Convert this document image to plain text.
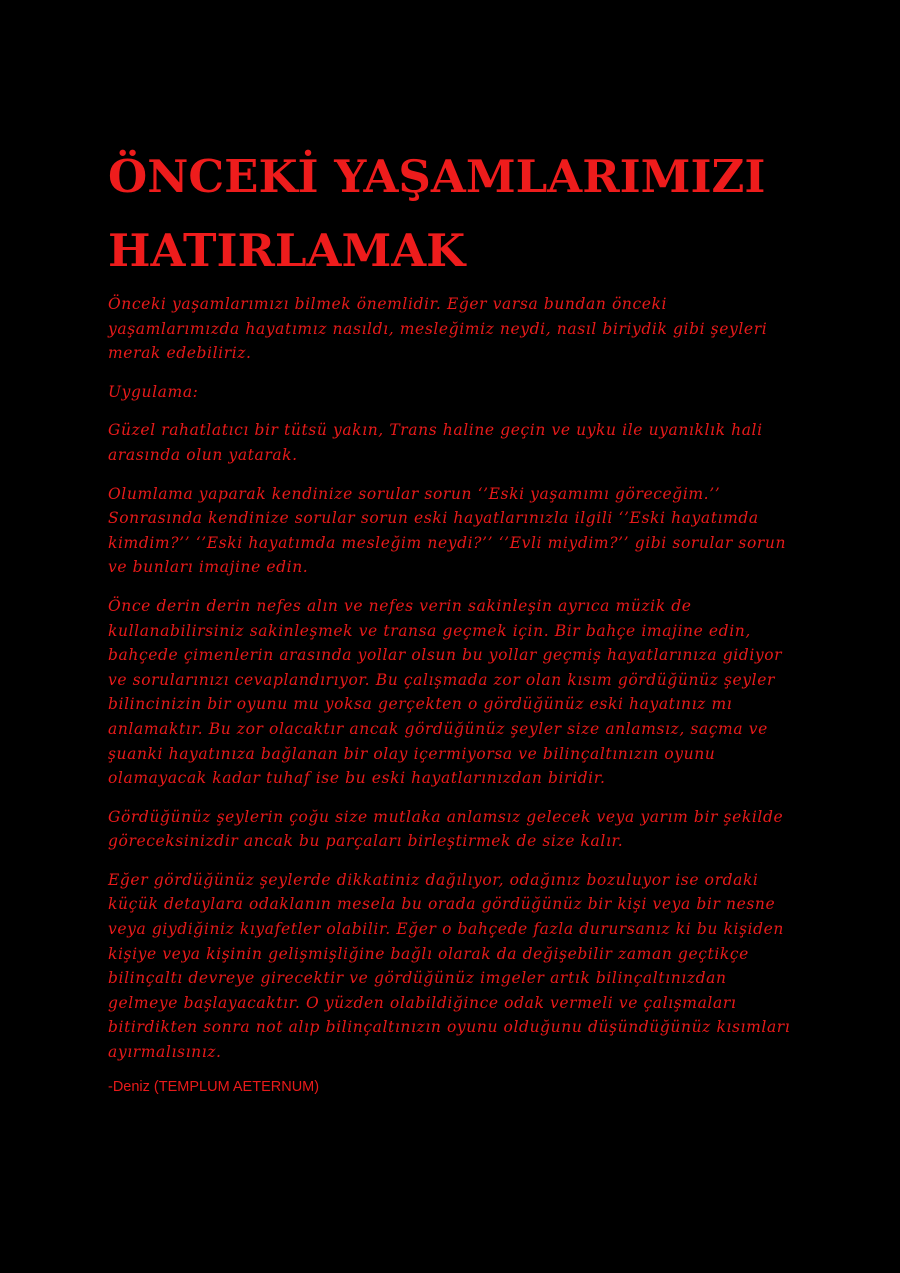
ÖNCEKİ YAŞAMLARIMIZI
HATIRLAMAK

Önceki yaşamlarımızı bilmek önemlidir. Eğer varsa bundan önceki yaşamlarımızda hayatımız nasıldı, mesleğimiz neydi, nasıl biriydik gibi şeyleri merak edebiliriz.

Uygulama:

Güzel rahatlatıcı bir tütsü yakın, Trans haline geçin ve uyku ile uyanıklık hali arasında olun yatarak.

Olumlama yaparak kendinize sorular sorun ‘’Eski yaşamımı göreceğim.’’ Sonrasında kendinize sorular sorun eski hayatlarınızla ilgili ‘’Eski hayatımda kimdim?’’ ‘’Eski hayatımda mesleğim neydi?’’ ‘’Evli miydim?’’ gibi sorular sorun ve bunları imajine edin.

Önce derin derin nefes alın ve nefes verin sakinleşin ayrıca müzik de kullanabilirsiniz sakinleşmek ve transa geçmek için. Bir bahçe imajine edin, bahçede çimenlerin arasında yollar olsun bu yollar geçmiş hayatlarınıza gidiyor ve sorularınızı cevaplandırıyor. Bu çalışmada zor olan kısım gördüğünüz şeyler bilincinizin bir oyunu mu yoksa gerçekten o gördüğünüz eski hayatınız mı anlamaktır. Bu zor olacaktır ancak gördüğünüz şeyler size anlamsız, saçma ve şuanki hayatınıza bağlanan bir olay içermiyorsa ve bilinçaltınızın oyunu olamayacak kadar tuhaf ise bu eski hayatlarınızdan biridir.

Gördüğünüz şeylerin çoğu size mutlaka anlamsız gelecek veya yarım bir şekilde göreceksinizdir ancak bu parçaları birleştirmek de size kalır.

Eğer gördüğünüz şeylerde dikkatiniz dağılıyor, odağınız bozuluyor ise ordaki küçük detaylara odaklanın mesela bu orada gördüğünüz bir kişi veya bir nesne veya giydiğiniz kıyafetler olabilir. Eğer o bahçede fazla durursanız ki bu kişiden kişiye veya kişinin gelişmişliğine bağlı olarak da değişebilir zaman geçtikçe bilinçaltı devreye girecektir ve gördüğünüz imgeler artık bilinçaltınızdan gelmeye başlayacaktır. O yüzden olabildiğince odak vermeli ve çalışmaları bitirdikten sonra not alıp bilinçaltınızın oyunu olduğunu düşündüğünüz kısımları ayırmalısınız.

-Deniz (TEMPLUM AETERNUM)
